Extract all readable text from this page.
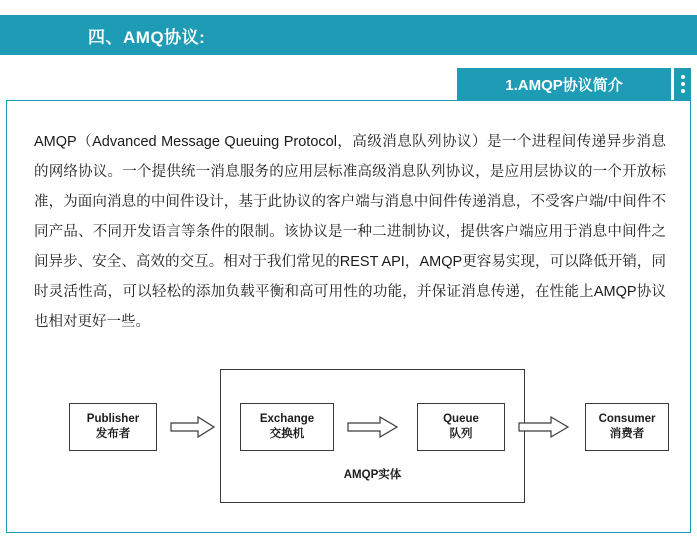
四、AMQ协议:
1.AMQP协议简介
AMQP（Advanced Message Queuing Protocol，高级消息队列协议）是一个进程间传递异步消息的网络协议。一个提供统一消息服务的应用层标准高级消息队列协议，是应用层协议的一个开放标准，为面向消息的中间件设计，基于此协议的客户端与消息中间件传递消息，不受客户端/中间件不同产品、不同开发语言等条件的限制。该协议是一种二进制协议，提供客户端应用于消息中间件之间异步、安全、高效的交互。相对于我们常见的REST API，AMQP更容易实现，可以降低开销，同时灵活性高，可以轻松的添加负载平衡和高可用性的功能，并保证消息传递，在性能上AMQP协议也相对更好一些。
AMQP实体
Publisher
发布者
Exchange
交换机
Queue
队列
Consumer
消费者
